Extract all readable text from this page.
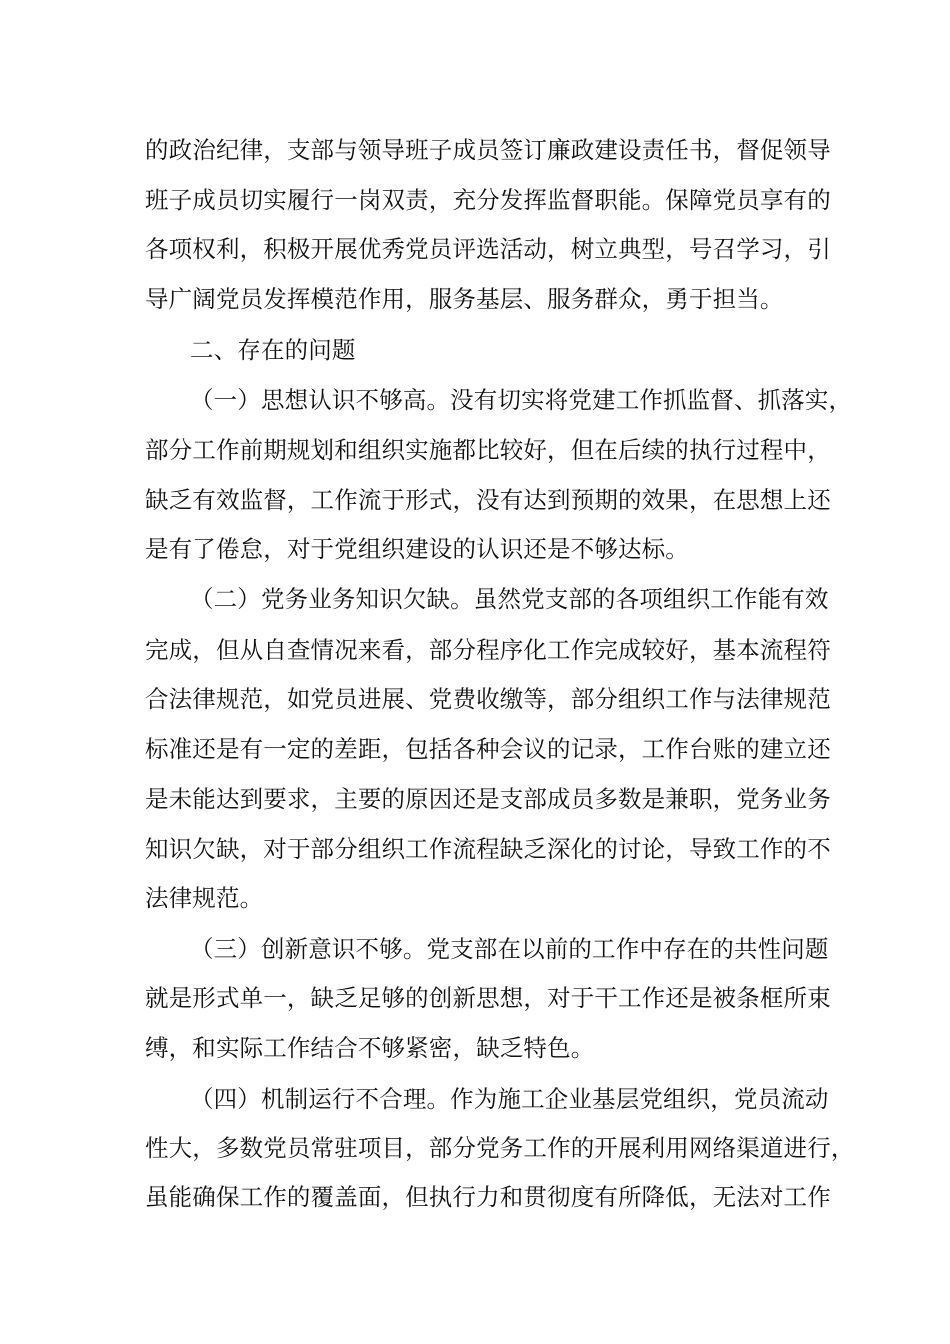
的政治纪律，支部与领导班子成员签订廉政建设责任书，督促领导
班子成员切实履行一岗双责，充分发挥监督职能。保障党员享有的
各项权利，积极开展优秀党员评选活动，树立典型，号召学习，引
导广阔党员发挥模范作用，服务基层、服务群众，勇于担当。
二、存在的问题
（一）思想认识不够高。没有切实将党建工作抓监督、抓落实，
部分工作前期规划和组织实施都比较好，但在后续的执行过程中，
缺乏有效监督，工作流于形式，没有达到预期的效果，在思想上还
是有了倦怠，对于党组织建设的认识还是不够达标。
（二）党务业务知识欠缺。虽然党支部的各项组织工作能有效
完成，但从自查情况来看，部分程序化工作完成较好，基本流程符
合法律规范，如党员进展、党费收缴等，部分组织工作与法律规范
标准还是有一定的差距，包括各种会议的记录，工作台账的建立还
是未能达到要求，主要的原因还是支部成员多数是兼职，党务业务
知识欠缺，对于部分组织工作流程缺乏深化的讨论，导致工作的不
法律规范。
（三）创新意识不够。党支部在以前的工作中存在的共性问题
就是形式单一，缺乏足够的创新思想，对于干工作还是被条框所束
缚，和实际工作结合不够紧密，缺乏特色。
（四）机制运行不合理。作为施工企业基层党组织，党员流动
性大，多数党员常驻项目，部分党务工作的开展利用网络渠道进行，
虽能确保工作的覆盖面，但执行力和贯彻度有所降低，无法对工作
